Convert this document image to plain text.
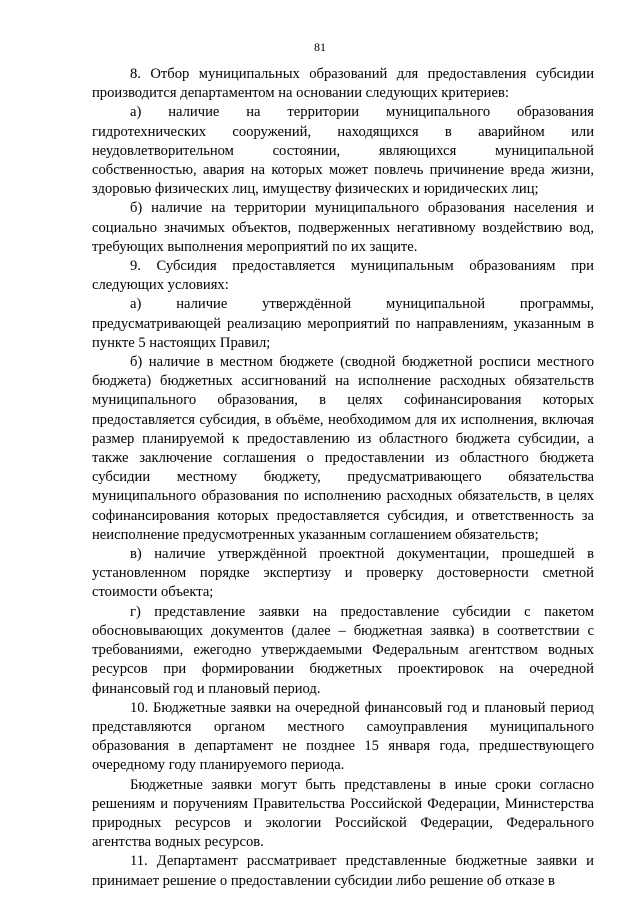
81

8. Отбор муниципальных образований для предоставления субсидии производится департаментом на основании следующих критериев:

а) наличие на территории муниципального образования гидротехнических сооружений, находящихся в аварийном или неудовлетворительном состоянии, являющихся муниципальной собственностью, авария на которых может повлечь причинение вреда жизни, здоровью физических лиц, имуществу физических и юридических лиц;

б) наличие на территории муниципального образования населения и социально значимых объектов, подверженных негативному воздействию вод, требующих выполнения мероприятий по их защите.

9. Субсидия предоставляется муниципальным образованиям при следующих условиях:

а) наличие утверждённой муниципальной программы, предусматривающей реализацию мероприятий по направлениям, указанным в пункте 5 настоящих Правил;

б) наличие в местном бюджете (сводной бюджетной росписи местного бюджета) бюджетных ассигнований на исполнение расходных обязательств муниципального образования, в целях софинансирования которых предоставляется субсидия, в объёме, необходимом для их исполнения, включая размер планируемой к предоставлению из областного бюджета субсидии, а также заключение соглашения о предоставлении из областного бюджета субсидии местному бюджету, предусматривающего обязательства муниципального образования по исполнению расходных обязательств, в целях софинансирования которых предоставляется субсидия, и ответственность за неисполнение предусмотренных указанным соглашением обязательств;

в) наличие утверждённой проектной документации, прошедшей в установленном порядке экспертизу и проверку достоверности сметной стоимости объекта;

г) представление заявки на предоставление субсидии с пакетом обосновывающих документов (далее – бюджетная заявка) в соответствии с требованиями, ежегодно утверждаемыми Федеральным агентством водных ресурсов при формировании бюджетных проектировок на очередной финансовый год и плановый период.

10. Бюджетные заявки на очередной финансовый год и плановый период представляются органом местного самоуправления муниципального образования в департамент не позднее 15 января года, предшествующего очередному году планируемого периода.

Бюджетные заявки могут быть представлены в иные сроки согласно решениям и поручениям Правительства Российской Федерации, Министерства природных ресурсов и экологии Российской Федерации, Федерального агентства водных ресурсов.

11. Департамент рассматривает представленные бюджетные заявки и принимает решение о предоставлении субсидии либо решение об отказе в
